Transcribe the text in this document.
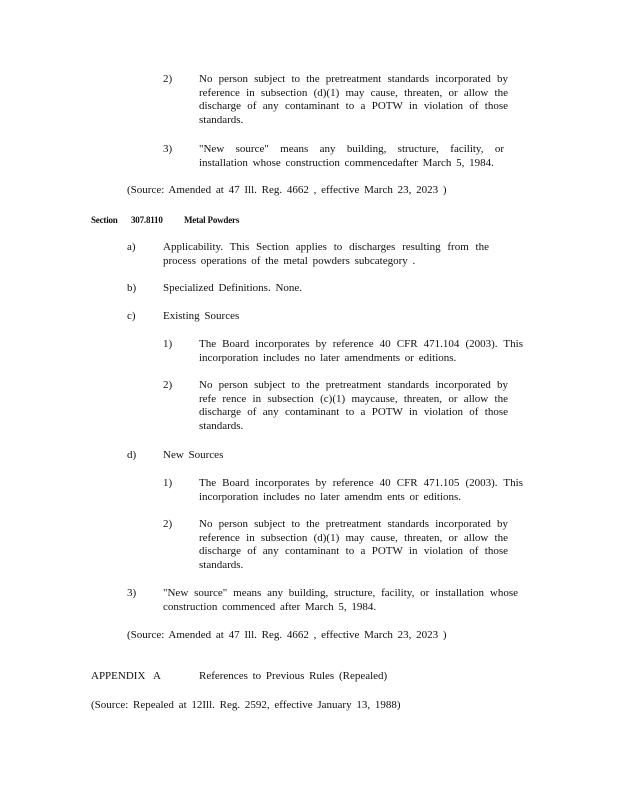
2) No person subject to the pretreatment standards incorporated by reference in subsection (d)(1) may cause, threaten, or allow the discharge of any contaminant to a POTW in violation of those standards.
3) "New source" means any building, structure, facility, or installation whose construction commencedafter March 5, 1984.
(Source: Amended at 47 Ill. Reg. 4662 , effective March 23, 2023 )
Section 307.8110 Metal Powders
a) Applicability. This Section applies to discharges resulting from the process operations of the metal powders subcategory .
b) Specialized Definitions. None.
c) Existing Sources
1) The Board incorporates by reference 40 CFR 471.104 (2003). This incorporation includes no later amendments or editions.
2) No person subject to the pretreatment standards incorporated by refe rence in subsection (c)(1) maycause, threaten, or allow the discharge of any contaminant to a POTW in violation of those standards.
d) New Sources
1) The Board incorporates by reference 40 CFR 471.105 (2003). This incorporation includes no later amendm ents or editions.
2) No person subject to the pretreatment standards incorporated by reference in subsection (d)(1) may cause, threaten, or allow the discharge of any contaminant to a POTW in violation of those standards.
3) "New source" means any building, structure, facility, or installation whose construction commenced after March 5, 1984.
(Source: Amended at 47 Ill. Reg. 4662 , effective March 23, 2023 )
APPENDIX A	References to Previous Rules (Repealed)
(Source: Repealed at 12Ill. Reg. 2592, effective January 13, 1988)
